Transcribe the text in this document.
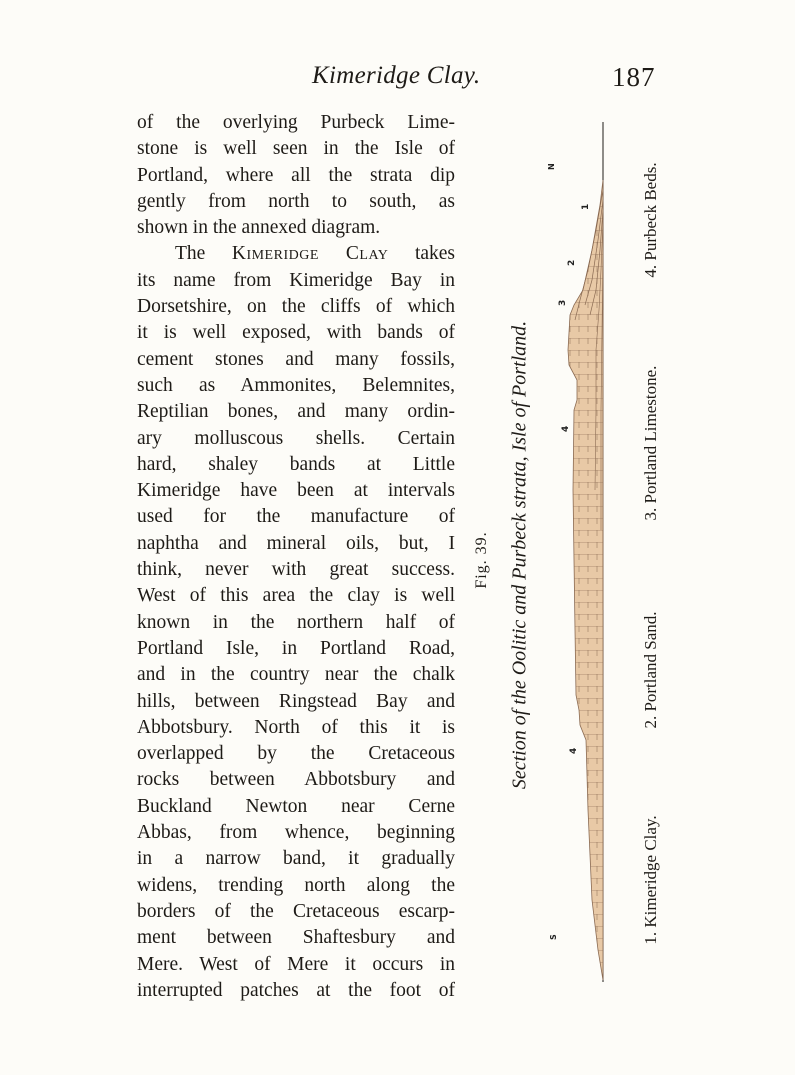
Kimeridge Clay.	187
of the overlying Purbeck Lime-
stone is well seen in the Isle of
Portland, where all the strata dip
gently from north to south, as
shown in the annexed diagram.
The Kimeridge Clay takes
its name from Kimeridge Bay in
Dorsetshire, on the cliffs of which
it is well exposed, with bands of
cement stones and many fossils,
such as Ammonites, Belemnites,
Reptilian bones, and many ordin-
ary molluscous shells. Certain
hard, shaley bands at Little
Kimeridge have been at intervals
used for the manufacture of
naphtha and mineral oils, but, I
think, never with great success.
West of this area the clay is well
known in the northern half of
Portland Isle, in Portland Road,
and in the country near the chalk
hills, between Ringstead Bay and
Abbotsbury. North of this it is
overlapped by the Cretaceous
rocks between Abbotsbury and
Buckland Newton near Cerne
Abbas, from whence, beginning
in a narrow band, it gradually
widens, trending north along the
borders of the Cretaceous escarp-
ment between Shaftesbury and
Mere. West of Mere it occurs in
interrupted patches at the foot of
Fig. 39. Section of the Oolitic and Purbeck strata, Isle of Portland.
N
S
1
2
3
4
4
1. Kimeridge Clay.
2. Portland Sand.
3. Portland Limestone.
4. Purbeck Beds.
